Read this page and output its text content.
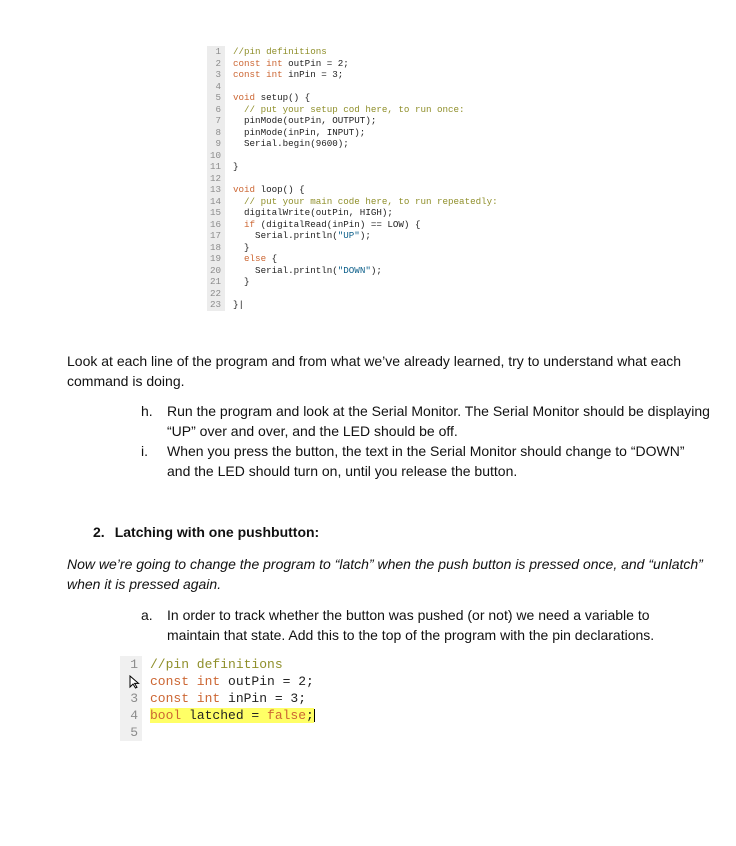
1	//pin definitions
2	const int outPin = 2;
3	const int inPin = 3;
4
5	void setup() {
6	// put your setup cod here, to run once:
7	pinMode(outPin, OUTPUT);
8	pinMode(inPin, INPUT);
9	Serial.begin(9600);
10
11	}
12
13	void loop() {
14	// put your main code here, to run repeatedly:
15	digitalWrite(outPin, HIGH);
16	if (digitalRead(inPin) == LOW) {
17	Serial.println("UP");
18	}
19	else {
20	Serial.println("DOWN");
21	}
22
23	}|
Look at each line of the program and from what we’ve already learned, try to understand what each command is doing.
h. Run the program and look at the Serial Monitor. The Serial Monitor should be displaying
“UP” over and over, and the LED should be off.
i. When you press the button, the text in the Serial Monitor should change to “DOWN”
and the LED should turn on, until you release the button.
2. Latching with one pushbutton:
Now we’re going to change the program to “latch” when the push button is pressed once, and “unlatch”
when it is pressed again.
a. In order to track whether the button was pushed (or not) we need a variable to
maintain that state. Add this to the top of the program with the pin declarations.
1 //pin definitions
const int outPin = 2;
3 const int inPin = 3;
4 bool latched = false;
5
